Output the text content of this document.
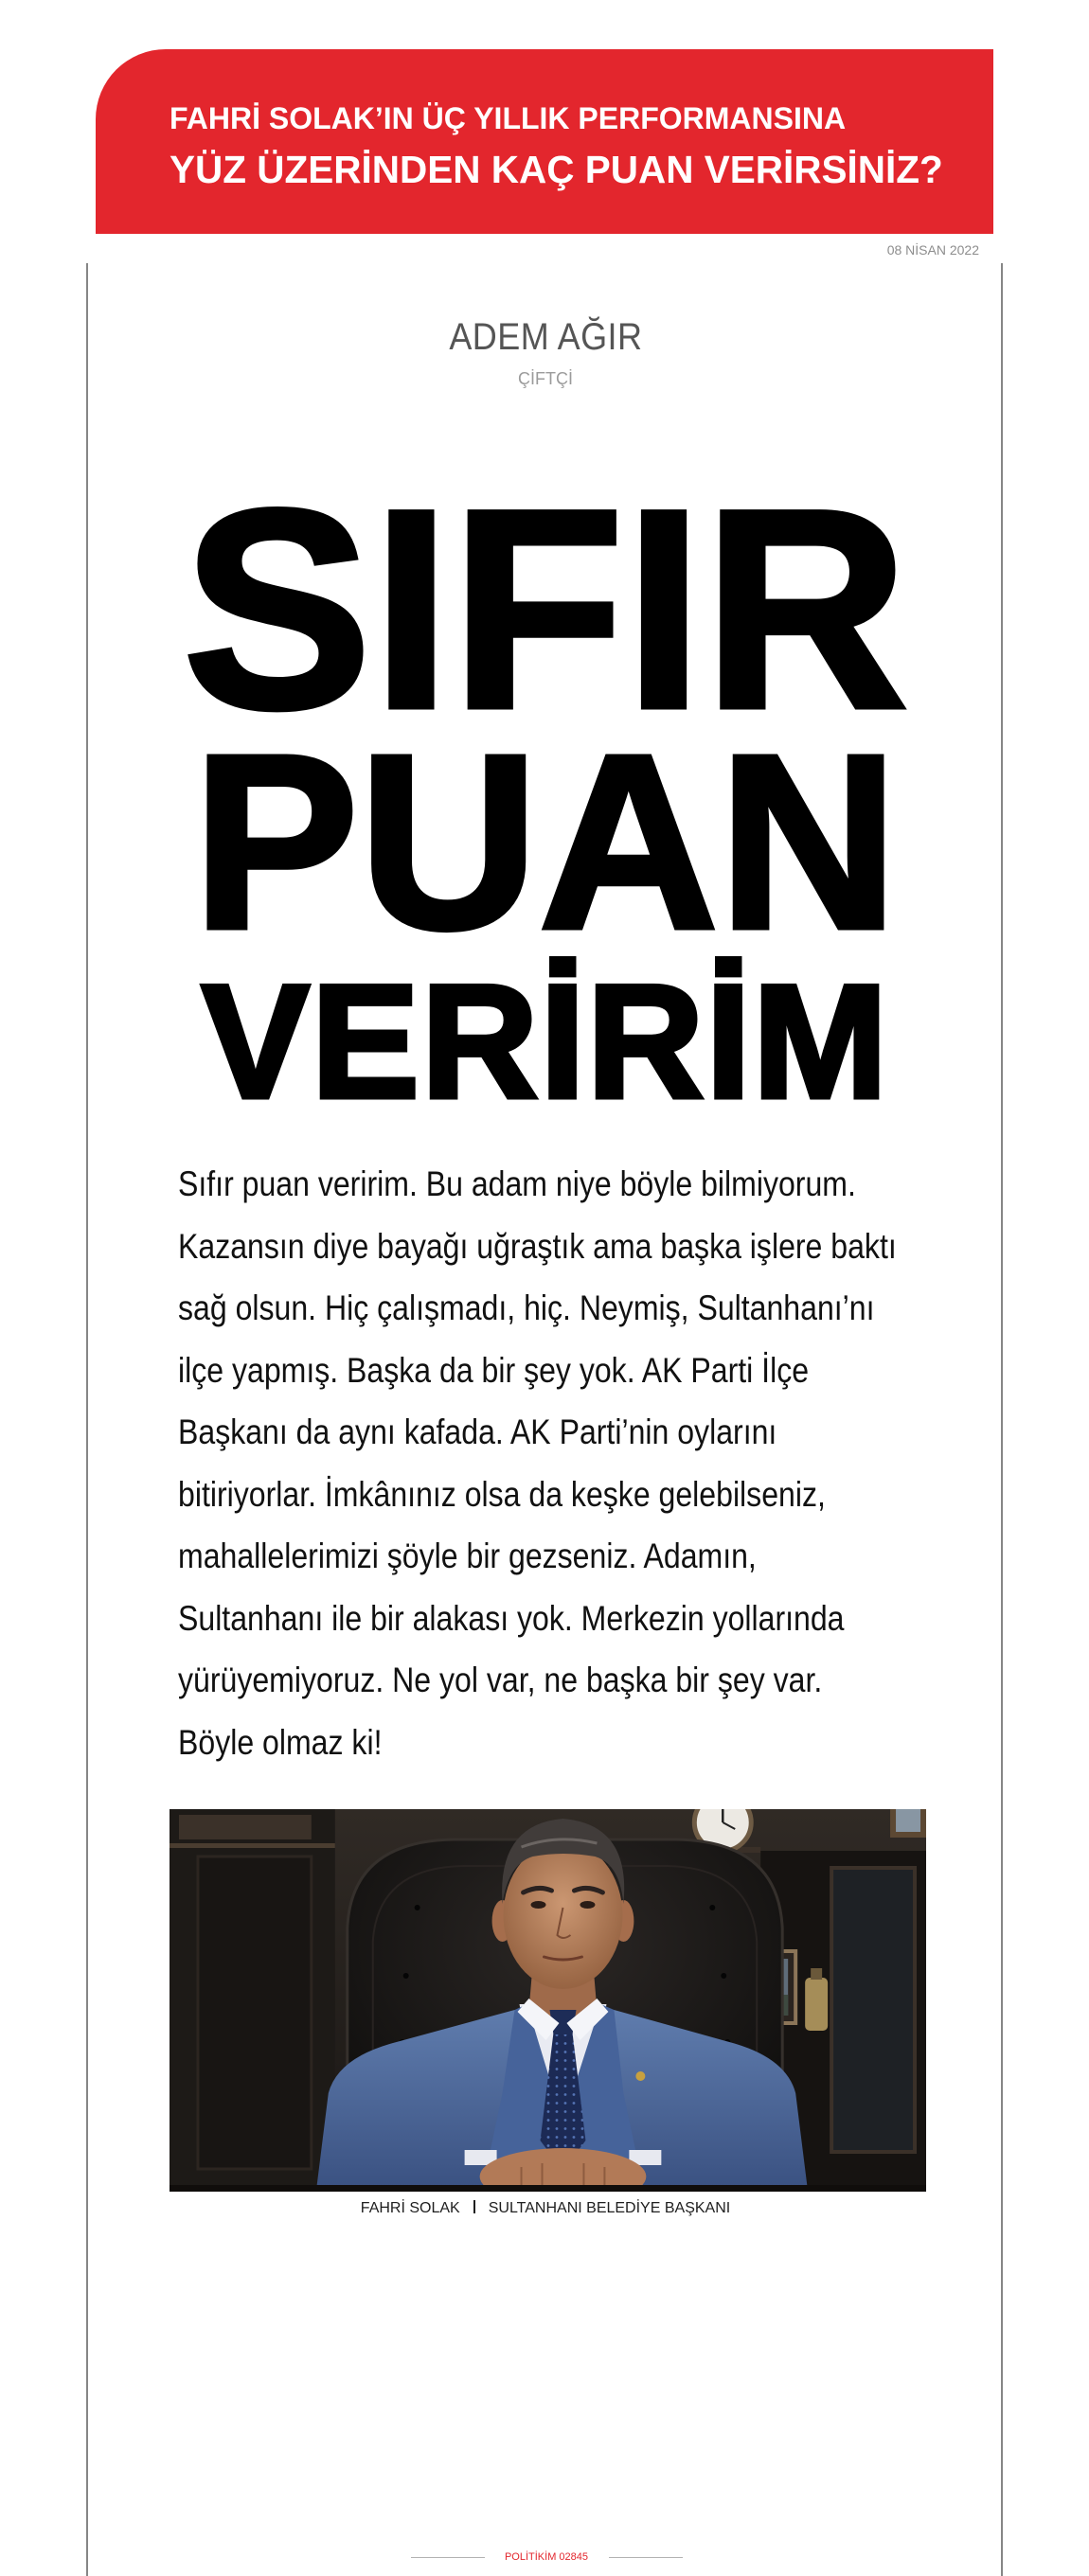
FAHRİ SOLAK’IN ÜÇ YILLIK PERFORMANSINA
YÜZ ÜZERİNDEN KAÇ PUAN VERİRSİNİZ?
08 NİSAN 2022
ADEM AĞIR
ÇİFTÇİ
SIFIR
PUAN
VERİRİM
Sıfır puan veririm. Bu adam niye böyle bilmiyorum.
Kazansın diye bayağı uğraştık ama başka işlere baktı
sağ olsun. Hiç çalışmadı, hiç. Neymiş, Sultanhanı’nı
ilçe yapmış. Başka da bir şey yok. AK Parti İlçe
Başkanı da aynı kafada. AK Parti’nin oylarını
bitiriyorlar. İmkânınız olsa da keşke gelebilseniz,
mahallelerimizi şöyle bir gezseniz. Adamın,
Sultanhanı ile bir alakası yok. Merkezin yollarında
yürüyemiyoruz. Ne yol var, ne başka bir şey var.
Böyle olmaz ki!
FAHRİ SOLAK SULTANHANI BELEDİYE BAŞKANI
POLİTİKİM 02845
